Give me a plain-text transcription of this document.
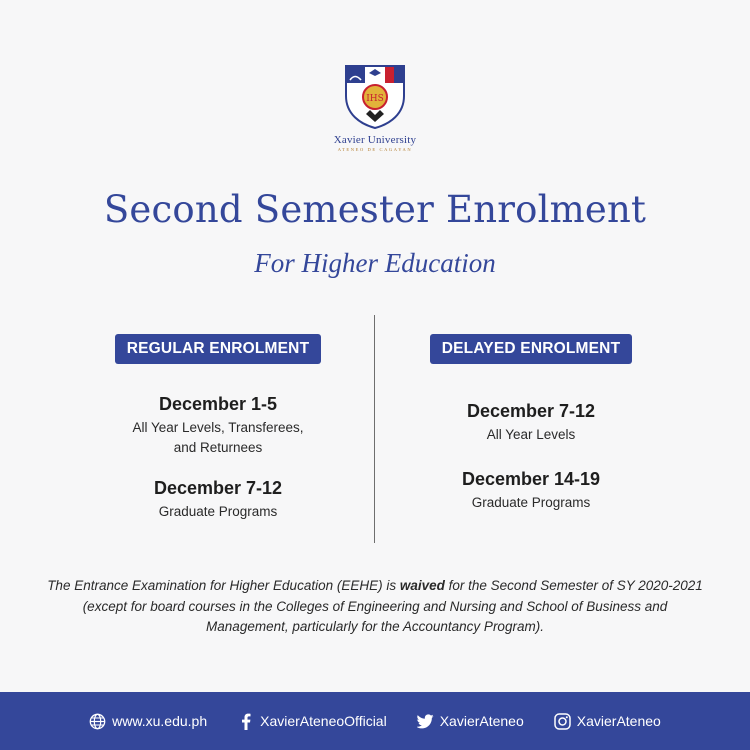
IHS
Xavier University
ATENEO DE CAGAYAN
Second Semester Enrolment
For Higher Education
REGULAR ENROLMENT
December 1-5
All Year Levels, Transferees,
and Returnees
December 7-12
Graduate Programs
DELAYED ENROLMENT
December 7-12
All Year Levels
December 14-19
Graduate Programs
The Entrance Examination for Higher Education (EEHE) is waived for the Second Semester of SY 2020-2021 (except for board courses in the Colleges of Engineering and Nursing and School of Business and Management, particularly for the Accountancy Program).
www.xu.edu.ph	XavierAteneoOfficial	XavierAteneo	XavierAteneo
